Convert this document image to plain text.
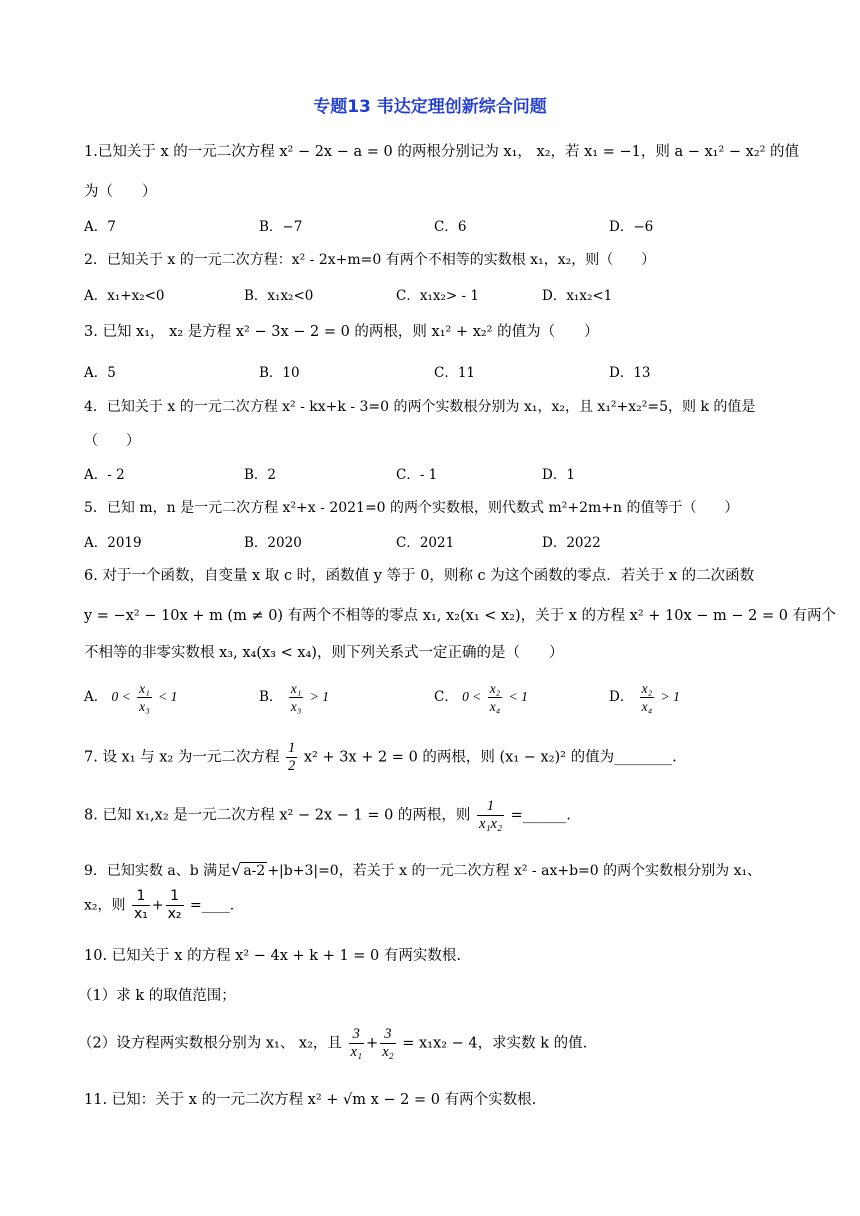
专题13 韦达定理创新综合问题
1.已知关于 x 的一元二次方程 x² − 2x − a = 0 的两根分别记为 x₁， x₂，若 x₁ = −1，则 a − x₁² − x₂² 的值
为（　　）
A．7	B．−7	C．6	D．−6
2．已知关于 x 的一元二次方程：x² - 2x+m=0 有两个不相等的实数根 x₁，x₂，则（　　）
A．x₁+x₂<0	B．x₁x₂<0	C．x₁x₂> - 1	D．x₁x₂<1
3. 已知 x₁， x₂ 是方程 x² − 3x − 2 = 0 的两根，则 x₁² + x₂² 的值为（　　）
A．5	B．10	C．11	D．13
4．已知关于 x 的一元二次方程 x² - kx+k - 3=0 的两个实数根分别为 x₁，x₂，且 x₁²+x₂²=5，则 k 的值是
（　　）
A．- 2	B．2	C．- 1	D．1
5．已知 m，n 是一元二次方程 x²+x - 2021=0 的两个实数根，则代数式 m²+2m+n 的值等于（　　）
A．2019	B．2020	C．2021	D．2022
6. 对于一个函数，自变量 x 取 c 时，函数值 y 等于 0，则称 c 为这个函数的零点．若关于 x 的二次函数
y = −x² − 10x + m (m ≠ 0) 有两个不相等的零点 x₁, x₂(x₁ < x₂)，关于 x 的方程 x² + 10x − m − 2 = 0 有两个
不相等的非零实数根 x₃, x₄(x₃ < x₄)，则下列关系式一定正确的是（　　）
A． $0 < \frac{\text{x₁}}{\text{x₃}} < 1$	B． $\frac{\text{x₁}}{\text{x₃}} > 1$	C． $0 < \frac{\text{x₂}}{\text{x₄}} < 1$	D． $\frac{\text{x₂}}{\text{x₄}} > 1$
7. 设 x₁ 与 x₂ 为一元二次方程 $\frac{1}{2} x^2 + 3x + 2 = 0$ 的两根，则 (x₁ − x₂)² 的值为________.
8. 已知 x₁,x₂ 是一元二次方程 x² − 2x − 1 = 0 的两根，则 $\frac{1}{\text{x₁x₂}}$ =______.
9．已知实数 a、b 满足√ a-2 +|b+3|=0，若关于 x 的一元二次方程 x² - ax+b=0 的两个实数根分别为 x₁、
x₂，则 $\frac{1}{\text{x₁}} + \frac{1}{\text{x₂}}$ =____.
10. 已知关于 x 的方程 x² − 4x + k + 1 = 0 有两实数根.
（1）求 k 的取值范围；
（2）设方程两实数根分别为 x₁、 x₂，且 $\frac{3}{\text{x₁}} + \frac{3}{\text{x₂}} = x_1x_2 - 4$，求实数 k 的值.
11. 已知：关于 x 的一元二次方程 x² + √m x − 2 = 0 有两个实数根.
